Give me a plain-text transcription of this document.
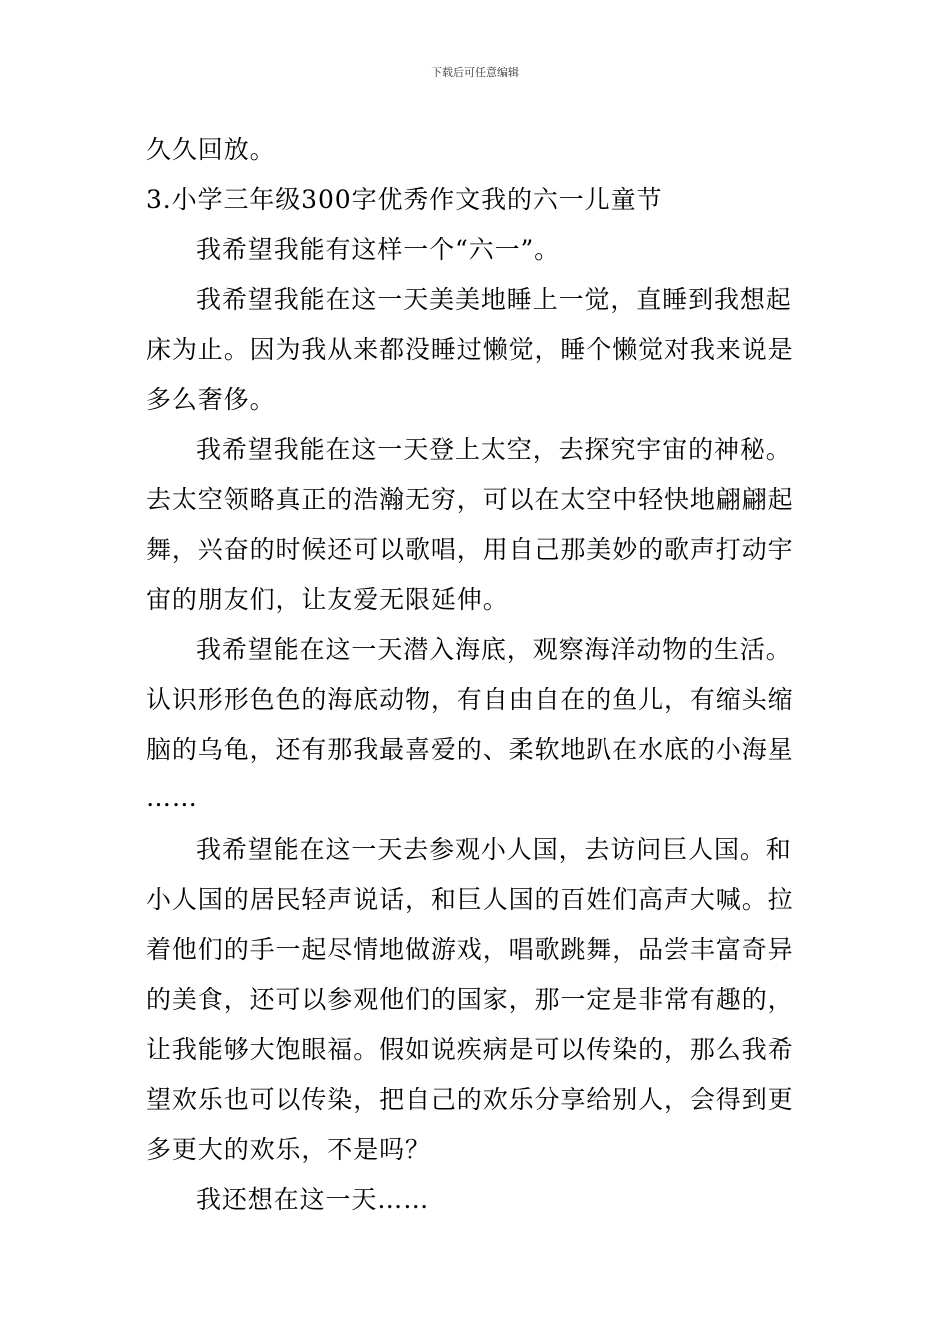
下载后可任意编辑
久久回放。
3.小学三年级300字优秀作文我的六一儿童节
我希望我能有这样一个“六一”。
我希望我能在这一天美美地睡上一觉，直睡到我想起
床为止。因为我从来都没睡过懒觉，睡个懒觉对我来说是
多么奢侈。
我希望我能在这一天登上太空，去探究宇宙的神秘。
去太空领略真正的浩瀚无穷，可以在太空中轻快地翩翩起
舞，兴奋的时候还可以歌唱，用自己那美妙的歌声打动宇
宙的朋友们，让友爱无限延伸。
我希望能在这一天潜入海底，观察海洋动物的生活。
认识形形色色的海底动物，有自由自在的鱼儿，有缩头缩
脑的乌龟，还有那我最喜爱的、柔软地趴在水底的小海星
……
我希望能在这一天去参观小人国，去访问巨人国。和
小人国的居民轻声说话，和巨人国的百姓们高声大喊。拉
着他们的手一起尽情地做游戏，唱歌跳舞，品尝丰富奇异
的美食，还可以参观他们的国家，那一定是非常有趣的，
让我能够大饱眼福。假如说疾病是可以传染的，那么我希
望欢乐也可以传染，把自己的欢乐分享给别人，会得到更
多更大的欢乐，不是吗？
我还想在这一天……
